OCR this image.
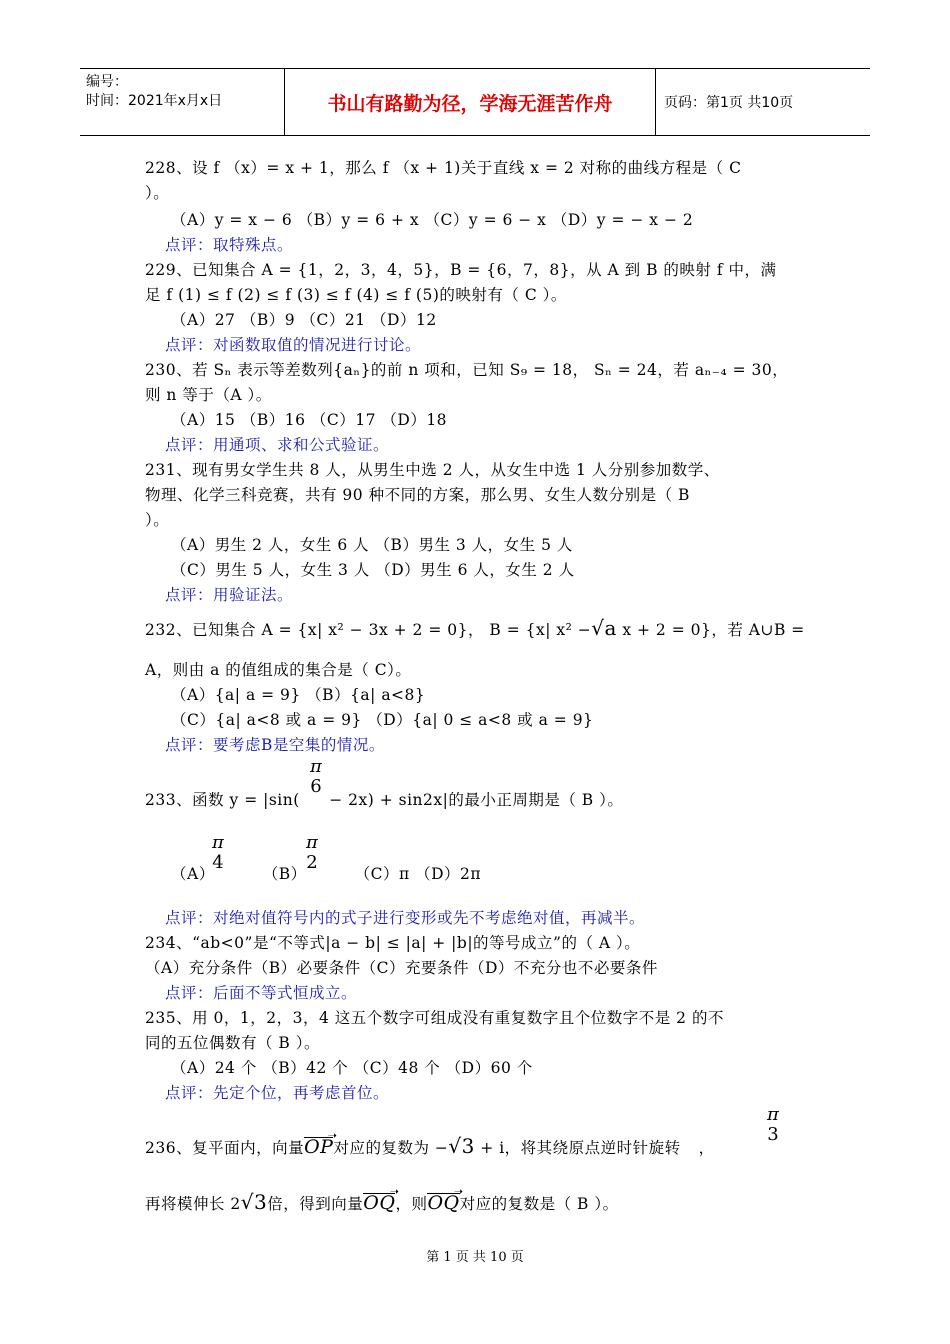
编号：
时间：2021年x月x日	书山有路勤为径，学海无涯苦作舟	页码：第1页 共10页
228、设 f （x）= x + 1，那么 f （x + 1)关于直线 x = 2 对称的曲线方程是（ C
）。
（A）y = x − 6 （B）y = 6 + x （C）y = 6 − x （D）y = − x − 2
点评：取特殊点。
229、已知集合 A = {1，2，3，4，5}，B = {6，7，8}，从 A 到 B 的映射 f 中，满
足 f (1) ≤ f (2) ≤ f (3) ≤ f (4) ≤ f (5)的映射有（ C ）。
（A）27 （B）9 （C）21 （D）12
点评：对函数取值的情况进行讨论。
230、若 Sₙ 表示等差数列{aₙ}的前 n 项和，已知 S₉ = 18， Sₙ = 24，若 aₙ₋₄ = 30，
则 n 等于（A ）。
（A）15 （B）16 （C）17 （D）18
点评：用通项、求和公式验证。
231、现有男女学生共 8 人，从男生中选 2 人，从女生中选 1 人分别参加数学、
物理、化学三科竞赛，共有 90 种不同的方案，那么男、女生人数分别是（ B
）。
（A）男生 2 人，女生 6 人 （B）男生 3 人，女生 5 人
（C）男生 5 人，女生 3 人 （D）男生 6 人，女生 2 人
点评：用验证法。
232、已知集合 A = {x| x² − 3x + 2 = 0}， B = {x| x² −√a x + 2 = 0}，若 A∪B =
A，则由 a 的值组成的集合是（ C）。
（A）{a| a = 9} （B）{a| a<8}
（C）{a| a<8 或 a = 9} （D）{a| 0 ≤ a<8 或 a = 9}
点评：要考虑B是空集的情况。
π
6
233、函数 y = |sin( − 2x) + sin2x|的最小正周期是（ B ）。
π
4
π
2
（A）	（B）	（C）π （D）2π
点评：对绝对值符号内的式子进行变形或先不考虑绝对值，再减半。
234、“ab<0”是“不等式|a − b| ≤ |a| + |b|的等号成立”的（ A ）。
（A）充分条件（B）必要条件（C）充要条件（D）不充分也不必要条件
点评：后面不等式恒成立。
235、用 0，1，2，3，4 这五个数字可组成没有重复数字且个位数字不是 2 的不
同的五位偶数有（ B ）。
（A）24 个 （B）42 个 （C）48 个 （D）60 个
点评：先定个位，再考虑首位。
π
3
236、复平面内，向量OP ➝对应的复数为 −√3 + i，将其绕原点逆时针旋转 ，
再将模伸长 2√3倍，得到向量OQ ➝，则OQ ➝对应的复数是（ B ）。
第 1 页 共 10 页
